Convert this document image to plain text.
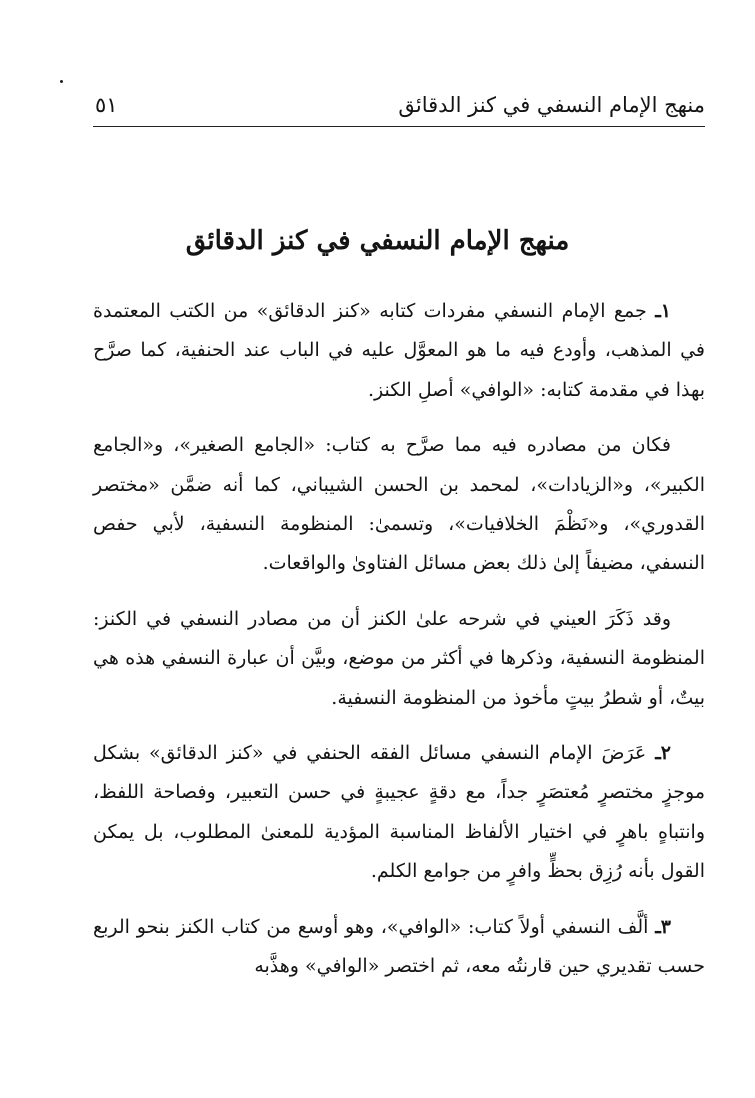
منهج الإمام النسفي في كنز الدقائق
٥١
منهج الإمام النسفي في كنز الدقائق

١ـ جمع الإمام النسفي مفردات كتابه «كنز الدقائق» من الكتب المعتمدة في المذهب، وأودع فيه ما هو المعوَّل عليه في الباب عند الحنفية، كما صرَّح بهذا في مقدمة كتابه: «الوافي» أصلِ الكنز.

فكان من مصادره فيه مما صرَّح به كتاب: «الجامع الصغير»، و«الجامع الكبير»، و«الزيادات»، لمحمد بن الحسن الشيباني، كما أنه ضمَّن «مختصر القدوري»، و«نَظْمَ الخلافيات»، وتسمىٰ: المنظومة النسفية، لأبي حفص النسفي، مضيفاً إلىٰ ذلك بعض مسائل الفتاوىٰ والواقعات.

وقد ذَكَرَ العيني في شرحه علىٰ الكنز أن من مصادر النسفي في الكنز: المنظومة النسفية، وذكرها في أكثر من موضع، وبيَّن أن عبارة النسفي هذه هي بيتٌ، أو شطرُ بيتٍ مأخوذ من المنظومة النسفية.

٢ـ عَرَضَ الإمام النسفي مسائل الفقه الحنفي في «كنز الدقائق» بشكل موجزٍ مختصرٍ مُعتصَرٍ جداً، مع دقةٍ عجيبةٍ في حسن التعبير، وفصاحة اللفظ، وانتباهٍ باهرٍ في اختيار الألفاظ المناسبة المؤدية للمعنىٰ المطلوب، بل يمكن القول بأنه رُزِق بحظٍّ وافرٍ من جوامع الكلم.

٣ـ ألَّف النسفي أولاً كتاب: «الوافي»، وهو أوسع من كتاب الكنز بنحو الربع حسب تقديري حين قارنتُه معه، ثم اختصر «الوافي» وهذَّبه
